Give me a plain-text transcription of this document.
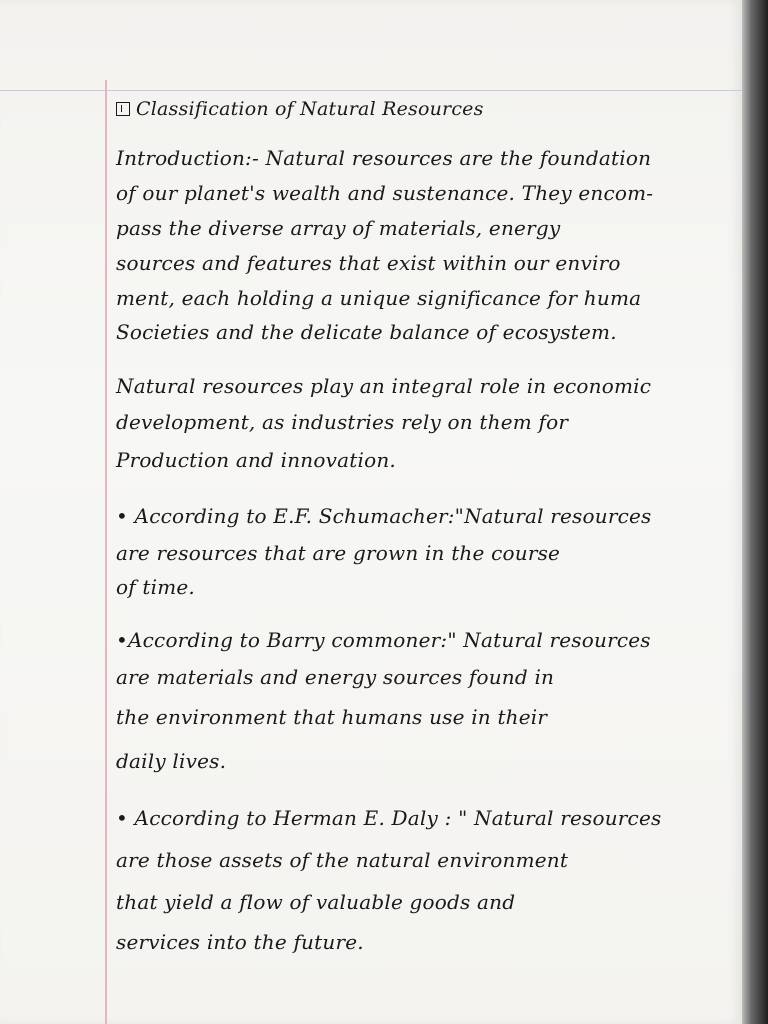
Classification of Natural Resources
Introduction:- Natural resources are the foundation
of our planet's wealth and sustenance. They encom-
pass the diverse array of materials, energy
sources and features that exist within our enviro
ment, each holding a unique significance for huma
Societies and the delicate balance of ecosystem.
Natural resources play an integral role in economic
development, as industries rely on them for
Production and innovation.
• According to E.F. Schumacher:"Natural resources
are resources that are grown in the course
of time.
•According to Barry commoner:" Natural resources
are materials and energy sources found in
the environment that humans use in their
daily lives.
• According to Herman E. Daly : " Natural resources
are those assets of the natural environment
that yield a flow of valuable goods and
services into the future.
